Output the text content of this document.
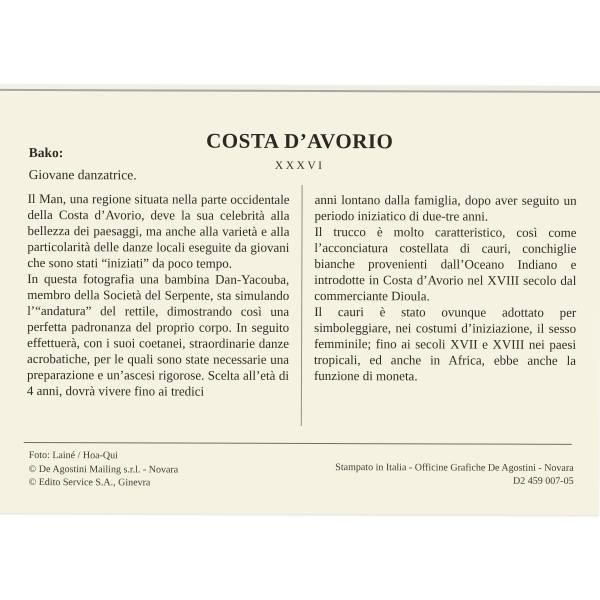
Bako:
Giovane danzatrice.
COSTA D’AVORIO
XXXVI

Il Man, una regione situata nella parte occidentale della Costa d’Avorio, deve la sua celebrità alla bellezza dei paesaggi, ma anche alla varietà e alla particolarità delle danze locali eseguite da giovani che sono stati “iniziati” da poco tempo.

In questa fotografia una bambina Dan-Yacouba, membro della Società del Serpente, sta simulando l’“andatura” del rettile, dimostrando così una perfetta padronanza del proprio corpo. In seguito effettuerà, con i suoi coetanei, straordinarie danze acrobatiche, per le quali sono state necessarie una preparazione e un’ascesi rigorose. Scelta all’età di 4 anni, dovrà vivere fino ai tredici

anni lontano dalla famiglia, dopo aver seguito un periodo iniziatico di due-tre anni.

Il trucco è molto caratteristico, così come l’acconciatura costellata di cauri, conchiglie bianche provenienti dall’Oceano Indiano e introdotte in Costa d’Avorio nel XVIII secolo dal commerciante Dioula.

Il cauri è stato ovunque adottato per simboleggiare, nei costumi d’iniziazione, il sesso femminile; fino ai secoli XVII e XVIII nei paesi tropicali, ed anche in Africa, ebbe anche la funzione di moneta.

Foto: Lainé / Hoa-Qui
© De Agostini Mailing s.r.l. - Novara
© Edito Service S.A., Ginevra
Stampato in Italia - Officine Grafiche De Agostini - Novara
D2 459 007-05
